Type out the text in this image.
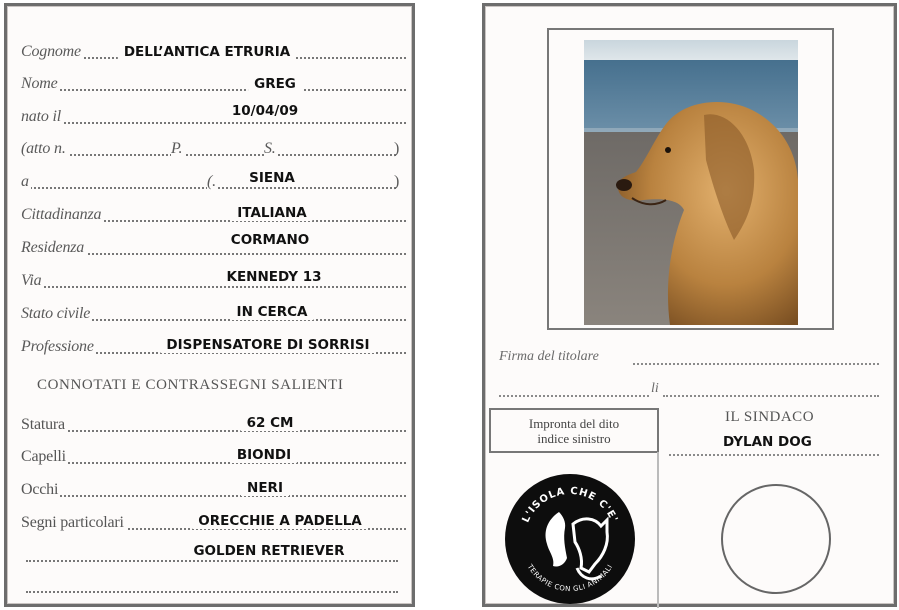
Cognome	DELL’ANTICA ETRURIA
Nome	GREG
nato il	10/04/09
(atto n.	P.	S.	)
a	(.	SIENA	)
Cittadinanza	ITALIANA
Residenza	CORMANO
Via	KENNEDY 13
Stato civile	IN CERCA
Professione	DISPENSATORE DI SORRISI
CONNOTATI E CONTRASSEGNI SALIENTI
Statura	62 CM
Capelli	BIONDI
Occhi	NERI
Segni particolari	ORECCHIE A PADELLA
GOLDEN RETRIEVER
Firma del titolare
li
Impronta del dito
indice sinistro
IL SINDACO
DYLAN DOG
L'ISOLA CHE C'E'
TERAPIE CON GLI ANIMALI
